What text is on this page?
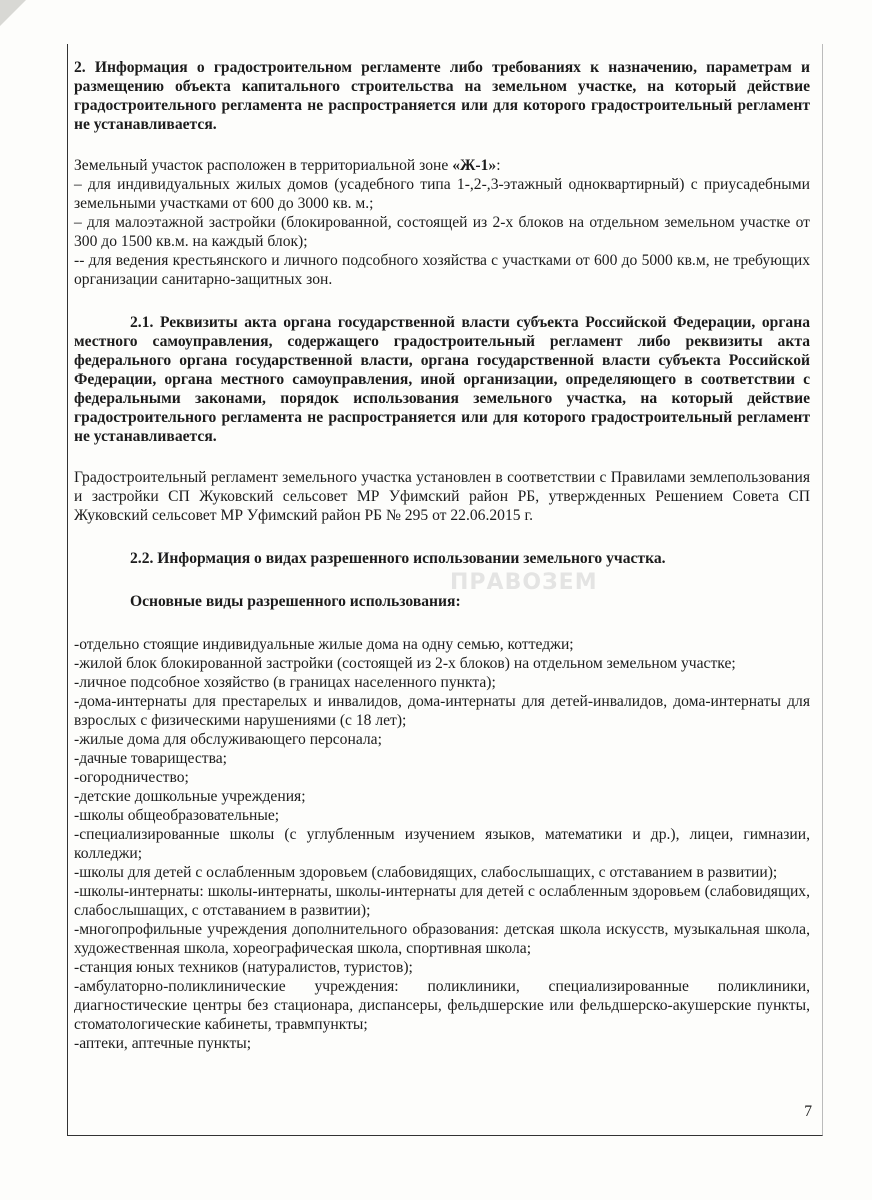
ПРАВОЗЕМ

2. Информация о градостроительном регламенте либо требованиях к назначению, параметрам и размещению объекта капитального строительства на земельном участке, на который действие градостроительного регламента не распространяется или для которого градостроительный регламент не устанавливается.

Земельный участок расположен в территориальной зоне «Ж-1»:

– для индивидуальных жилых домов (усадебного типа 1-,2-,3-этажный одноквартирный) с приусадебными земельными участками от 600 до 3000 кв. м.;

– для малоэтажной застройки (блокированной, состоящей из 2-х блоков на отдельном земельном участке от 300 до 1500 кв.м. на каждый блок);

-- для ведения крестьянского и личного подсобного хозяйства с участками от 600 до 5000 кв.м, не требующих организации санитарно-защитных зон.

2.1. Реквизиты акта органа государственной власти субъекта Российской Федерации, органа местного самоуправления, содержащего градостроительный регламент либо реквизиты акта федерального органа государственной власти, органа государственной власти субъекта Российской Федерации, органа местного самоуправления, иной организации, определяющего в соответствии с федеральными законами, порядок использования земельного участка, на который действие градостроительного регламента не распространяется или для которого градостроительный регламент не устанавливается.

Градостроительный регламент земельного участка установлен в соответствии с Правилами землепользования и застройки СП Жуковский сельсовет МР Уфимский район РБ, утвержденных Решением Совета СП Жуковский сельсовет МР Уфимский район РБ № 295 от 22.06.2015 г.

2.2. Информация о видах разрешенного использовании земельного участка.

Основные виды разрешенного использования:

-отдельно стоящие индивидуальные жилые дома на одну семью, коттеджи;

-жилой блок блокированной застройки (состоящей из 2-х блоков) на отдельном земельном участке;

-личное подсобное хозяйство (в границах населенного пункта);

-дома-интернаты для престарелых и инвалидов, дома-интернаты для детей-инвалидов, дома-интернаты для взрослых с физическими нарушениями (с 18 лет);

-жилые дома для обслуживающего персонала;

-дачные товарищества;

-огородничество;

-детские дошкольные учреждения;

-школы общеобразовательные;

-специализированные школы (с углубленным изучением языков, математики и др.), лицеи, гимназии, колледжи;

-школы для детей с ослабленным здоровьем (слабовидящих, слабослышащих, с отставанием в развитии);

-школы-интернаты: школы-интернаты, школы-интернаты для детей с ослабленным здоровьем (слабовидящих, слабослышащих, с отставанием в развитии);

-многопрофильные учреждения дополнительного образования: детская школа искусств, музыкальная школа, художественная школа, хореографическая школа, спортивная школа;

-станция юных техников (натуралистов, туристов);

-амбулаторно-поликлинические учреждения: поликлиники, специализированные поликлиники, диагностические центры без стационара, диспансеры, фельдшерские или фельдшерско-акушерские пункты, стоматологические кабинеты, травмпункты;

-аптеки, аптечные пункты;

7
